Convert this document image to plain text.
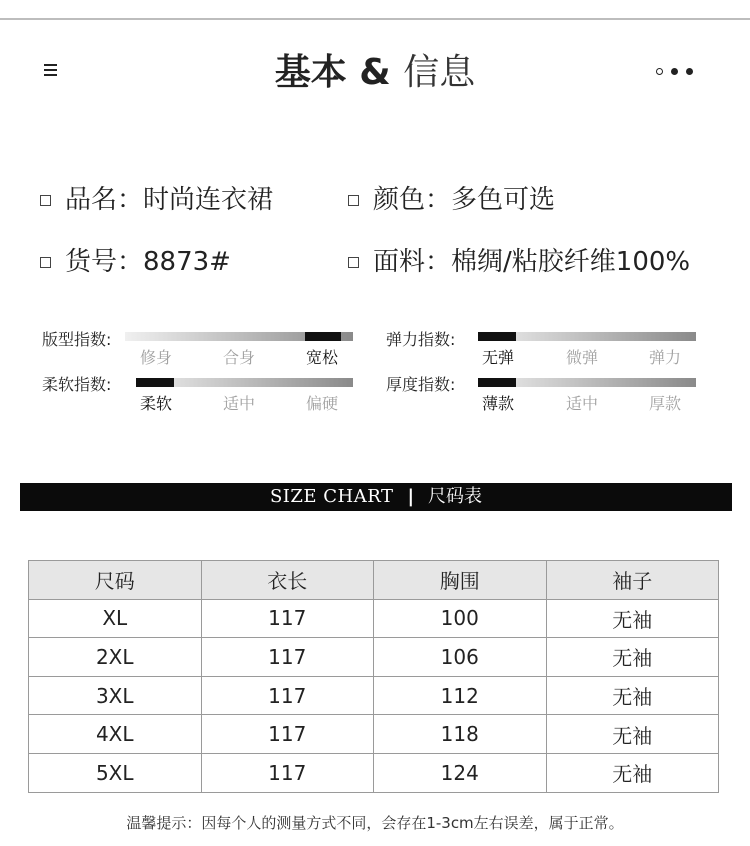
基本 & 信息
品名： 时尚连衣裙	颜色： 多色可选
货号： 8873#	面料： 棉绸/粘胶纤维100%
版型指数:
修身	合身	宽松
弹力指数:
无弹	微弹	弹力
柔软指数:
柔软	适中	偏硬
厚度指数:
薄款	适中	厚款
SIZE CHART | 尺码表
尺码	衣长	胸围	袖子
XL	117	100	无袖
2XL	117	106	无袖
3XL	117	112	无袖
4XL	117	118	无袖
5XL	117	124	无袖
温馨提示：因每个人的测量方式不同，会存在1-3cm左右误差，属于正常。
